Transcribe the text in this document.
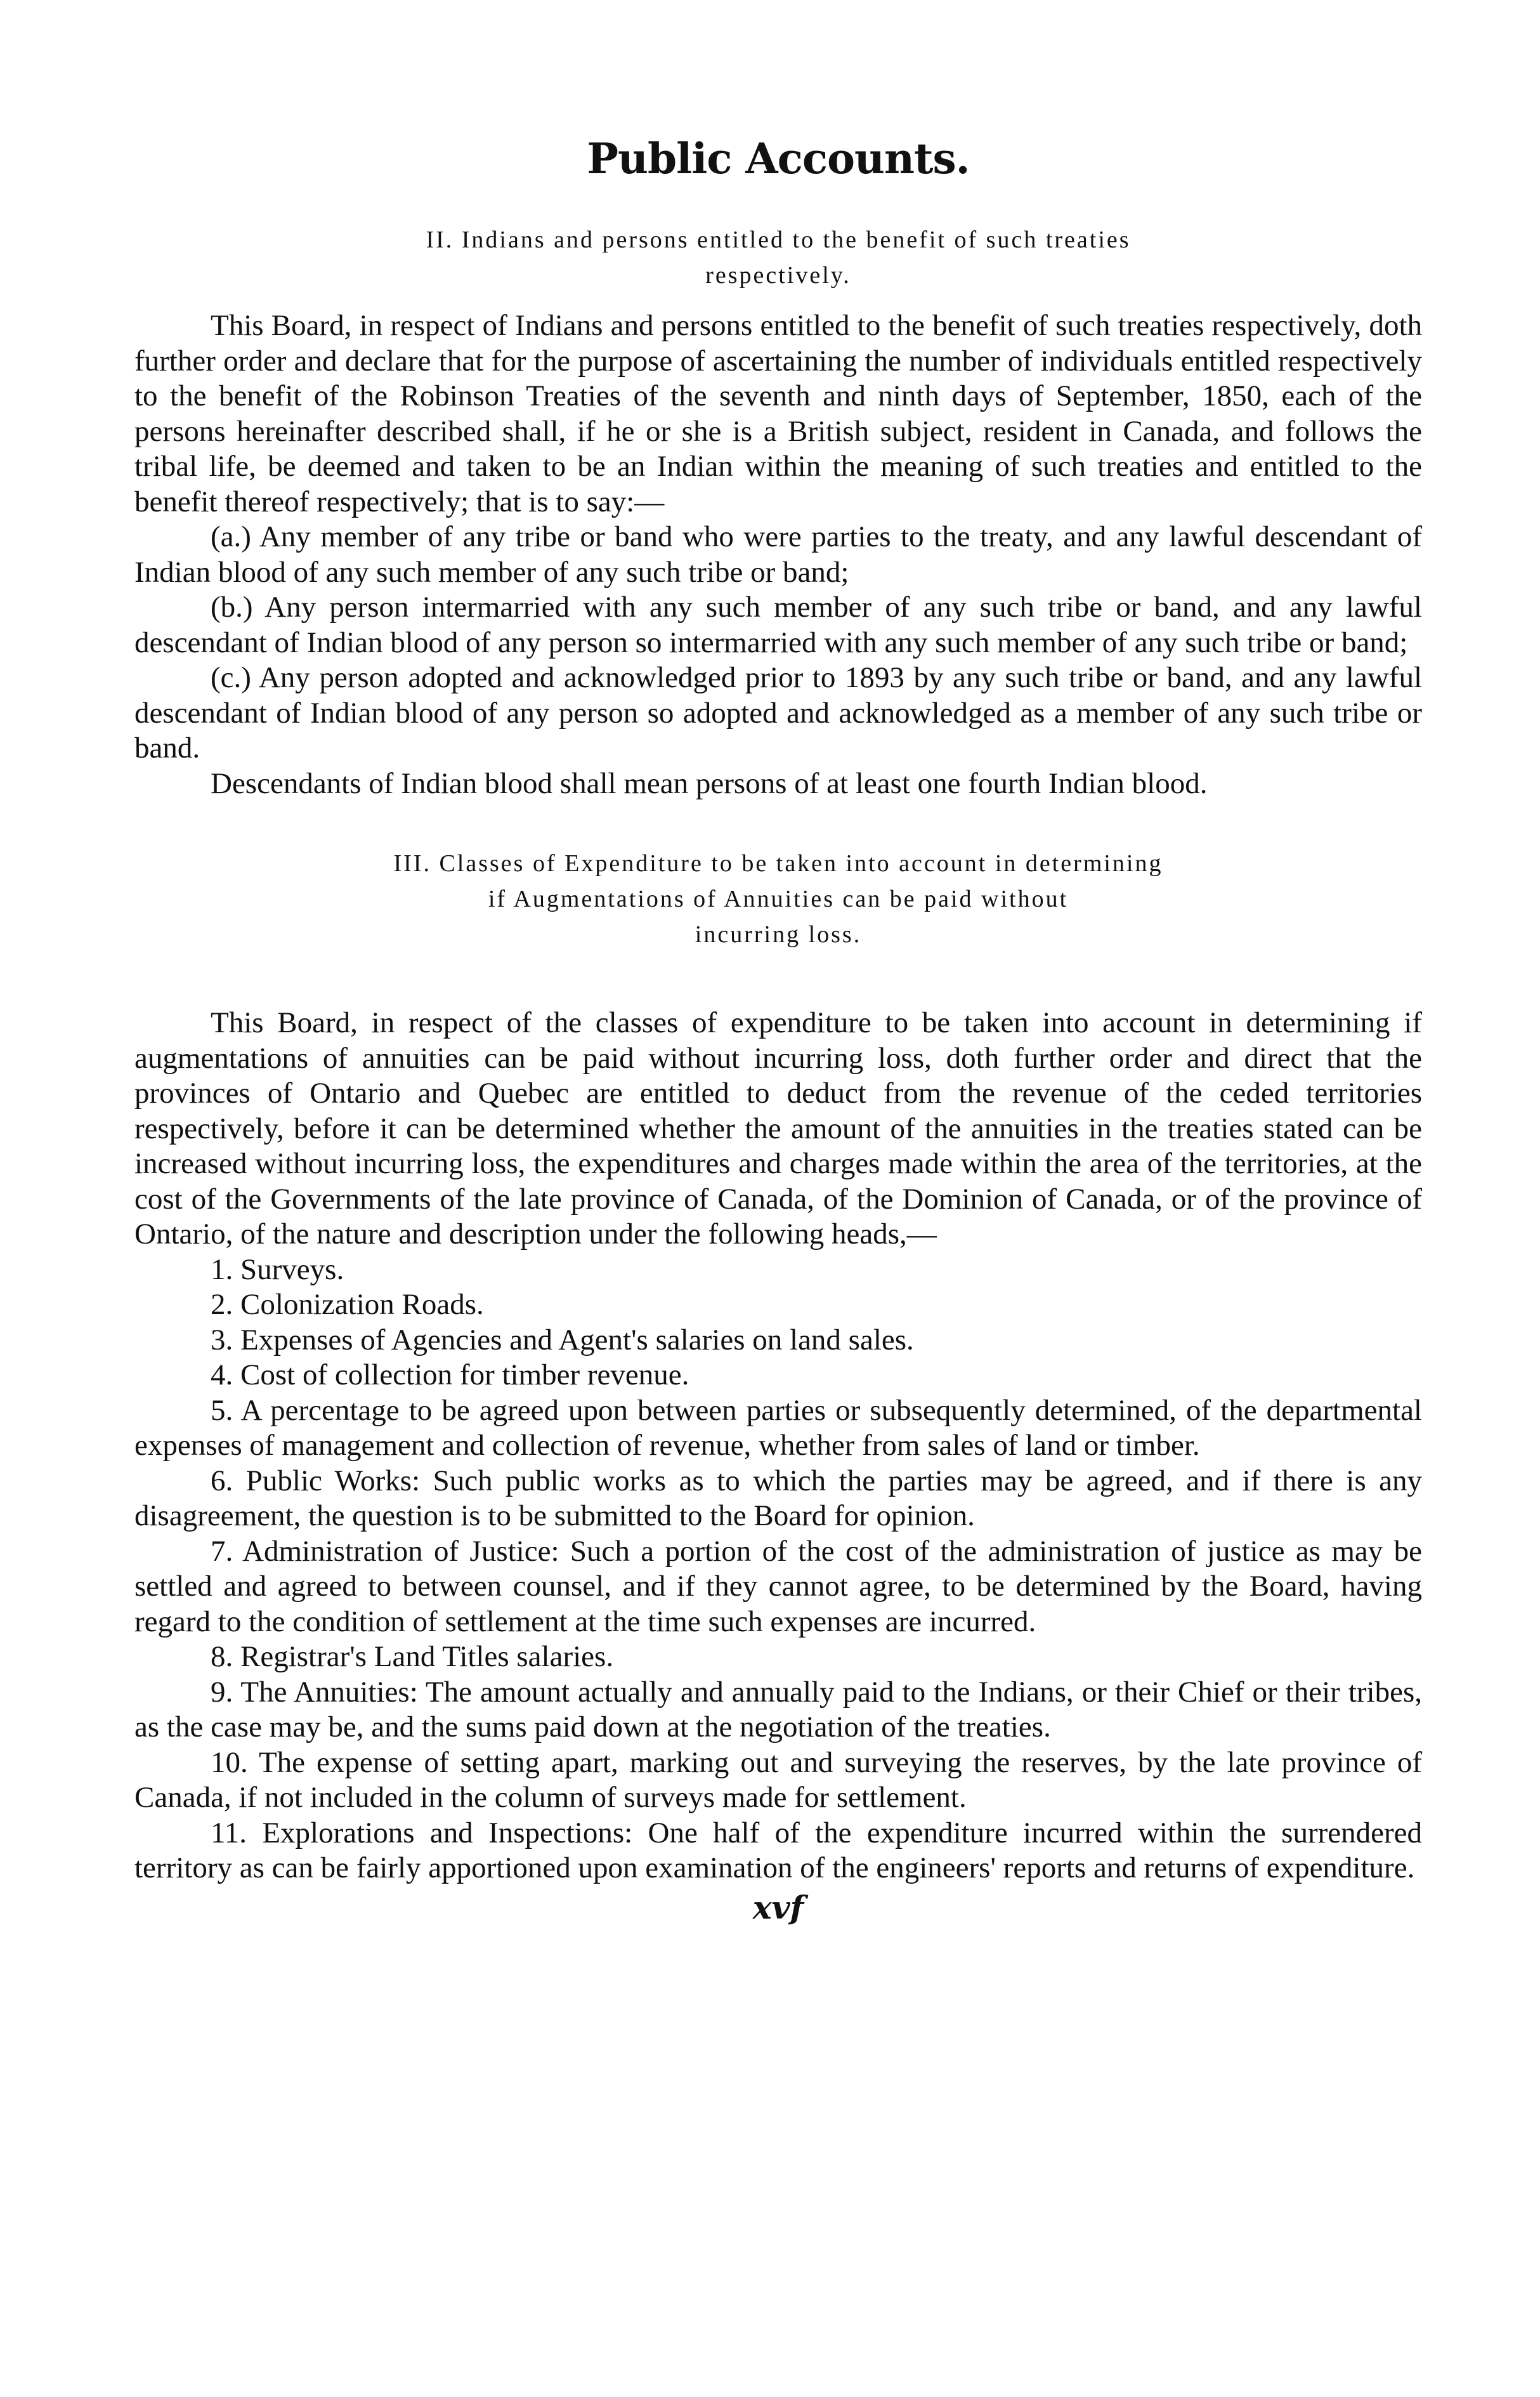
Public Accounts.
II. Indians and persons entitled to the benefit of such treaties
respectively.

This Board, in respect of Indians and persons entitled to the benefit of such treaties respectively, doth further order and declare that for the purpose of ascertaining the number of individuals entitled respectively to the benefit of the Robinson Treaties of the seventh and ninth days of September, 1850, each of the persons hereinafter described shall, if he or she is a British subject, resident in Canada, and follows the tribal life, be deemed and taken to be an Indian within the meaning of such treaties and entitled to the benefit thereof respectively; that is to say:—

(a.) Any member of any tribe or band who were parties to the treaty, and any lawful descendant of Indian blood of any such member of any such tribe or band;

(b.) Any person intermarried with any such member of any such tribe or band, and any lawful descendant of Indian blood of any person so intermarried with any such member of any such tribe or band;

(c.) Any person adopted and acknowledged prior to 1893 by any such tribe or band, and any lawful descendant of Indian blood of any person so adopted and acknowledged as a member of any such tribe or band.

Descendants of Indian blood shall mean persons of at least one fourth Indian blood.

III. Classes of Expenditure to be taken into account in determining
if Augmentations of Annuities can be paid without
incurring loss.

This Board, in respect of the classes of expenditure to be taken into account in determining if augmentations of annuities can be paid without incurring loss, doth further order and direct that the provinces of Ontario and Quebec are entitled to deduct from the revenue of the ceded territories respectively, before it can be determined whether the amount of the annuities in the treaties stated can be increased without incurring loss, the expenditures and charges made within the area of the territories, at the cost of the Governments of the late province of Canada, of the Dominion of Canada, or of the province of Ontario, of the nature and description under the following heads,—

1. Surveys.

2. Colonization Roads.

3. Expenses of Agencies and Agent's salaries on land sales.

4. Cost of collection for timber revenue.

5. A percentage to be agreed upon between parties or subsequently determined, of the departmental expenses of management and collection of revenue, whether from sales of land or timber.

6. Public Works: Such public works as to which the parties may be agreed, and if there is any disagreement, the question is to be submitted to the Board for opinion.

7. Administration of Justice: Such a portion of the cost of the administration of justice as may be settled and agreed to between counsel, and if they cannot agree, to be determined by the Board, having regard to the condition of settlement at the time such expenses are incurred.

8. Registrar's Land Titles salaries.

9. The Annuities: The amount actually and annually paid to the Indians, or their Chief or their tribes, as the case may be, and the sums paid down at the negotiation of the treaties.

10. The expense of setting apart, marking out and surveying the reserves, by the late province of Canada, if not included in the column of surveys made for settlement.

11. Explorations and Inspections: One half of the expenditure incurred within the surrendered territory as can be fairly apportioned upon examination of the engineers' reports and returns of expenditure.

xvf
